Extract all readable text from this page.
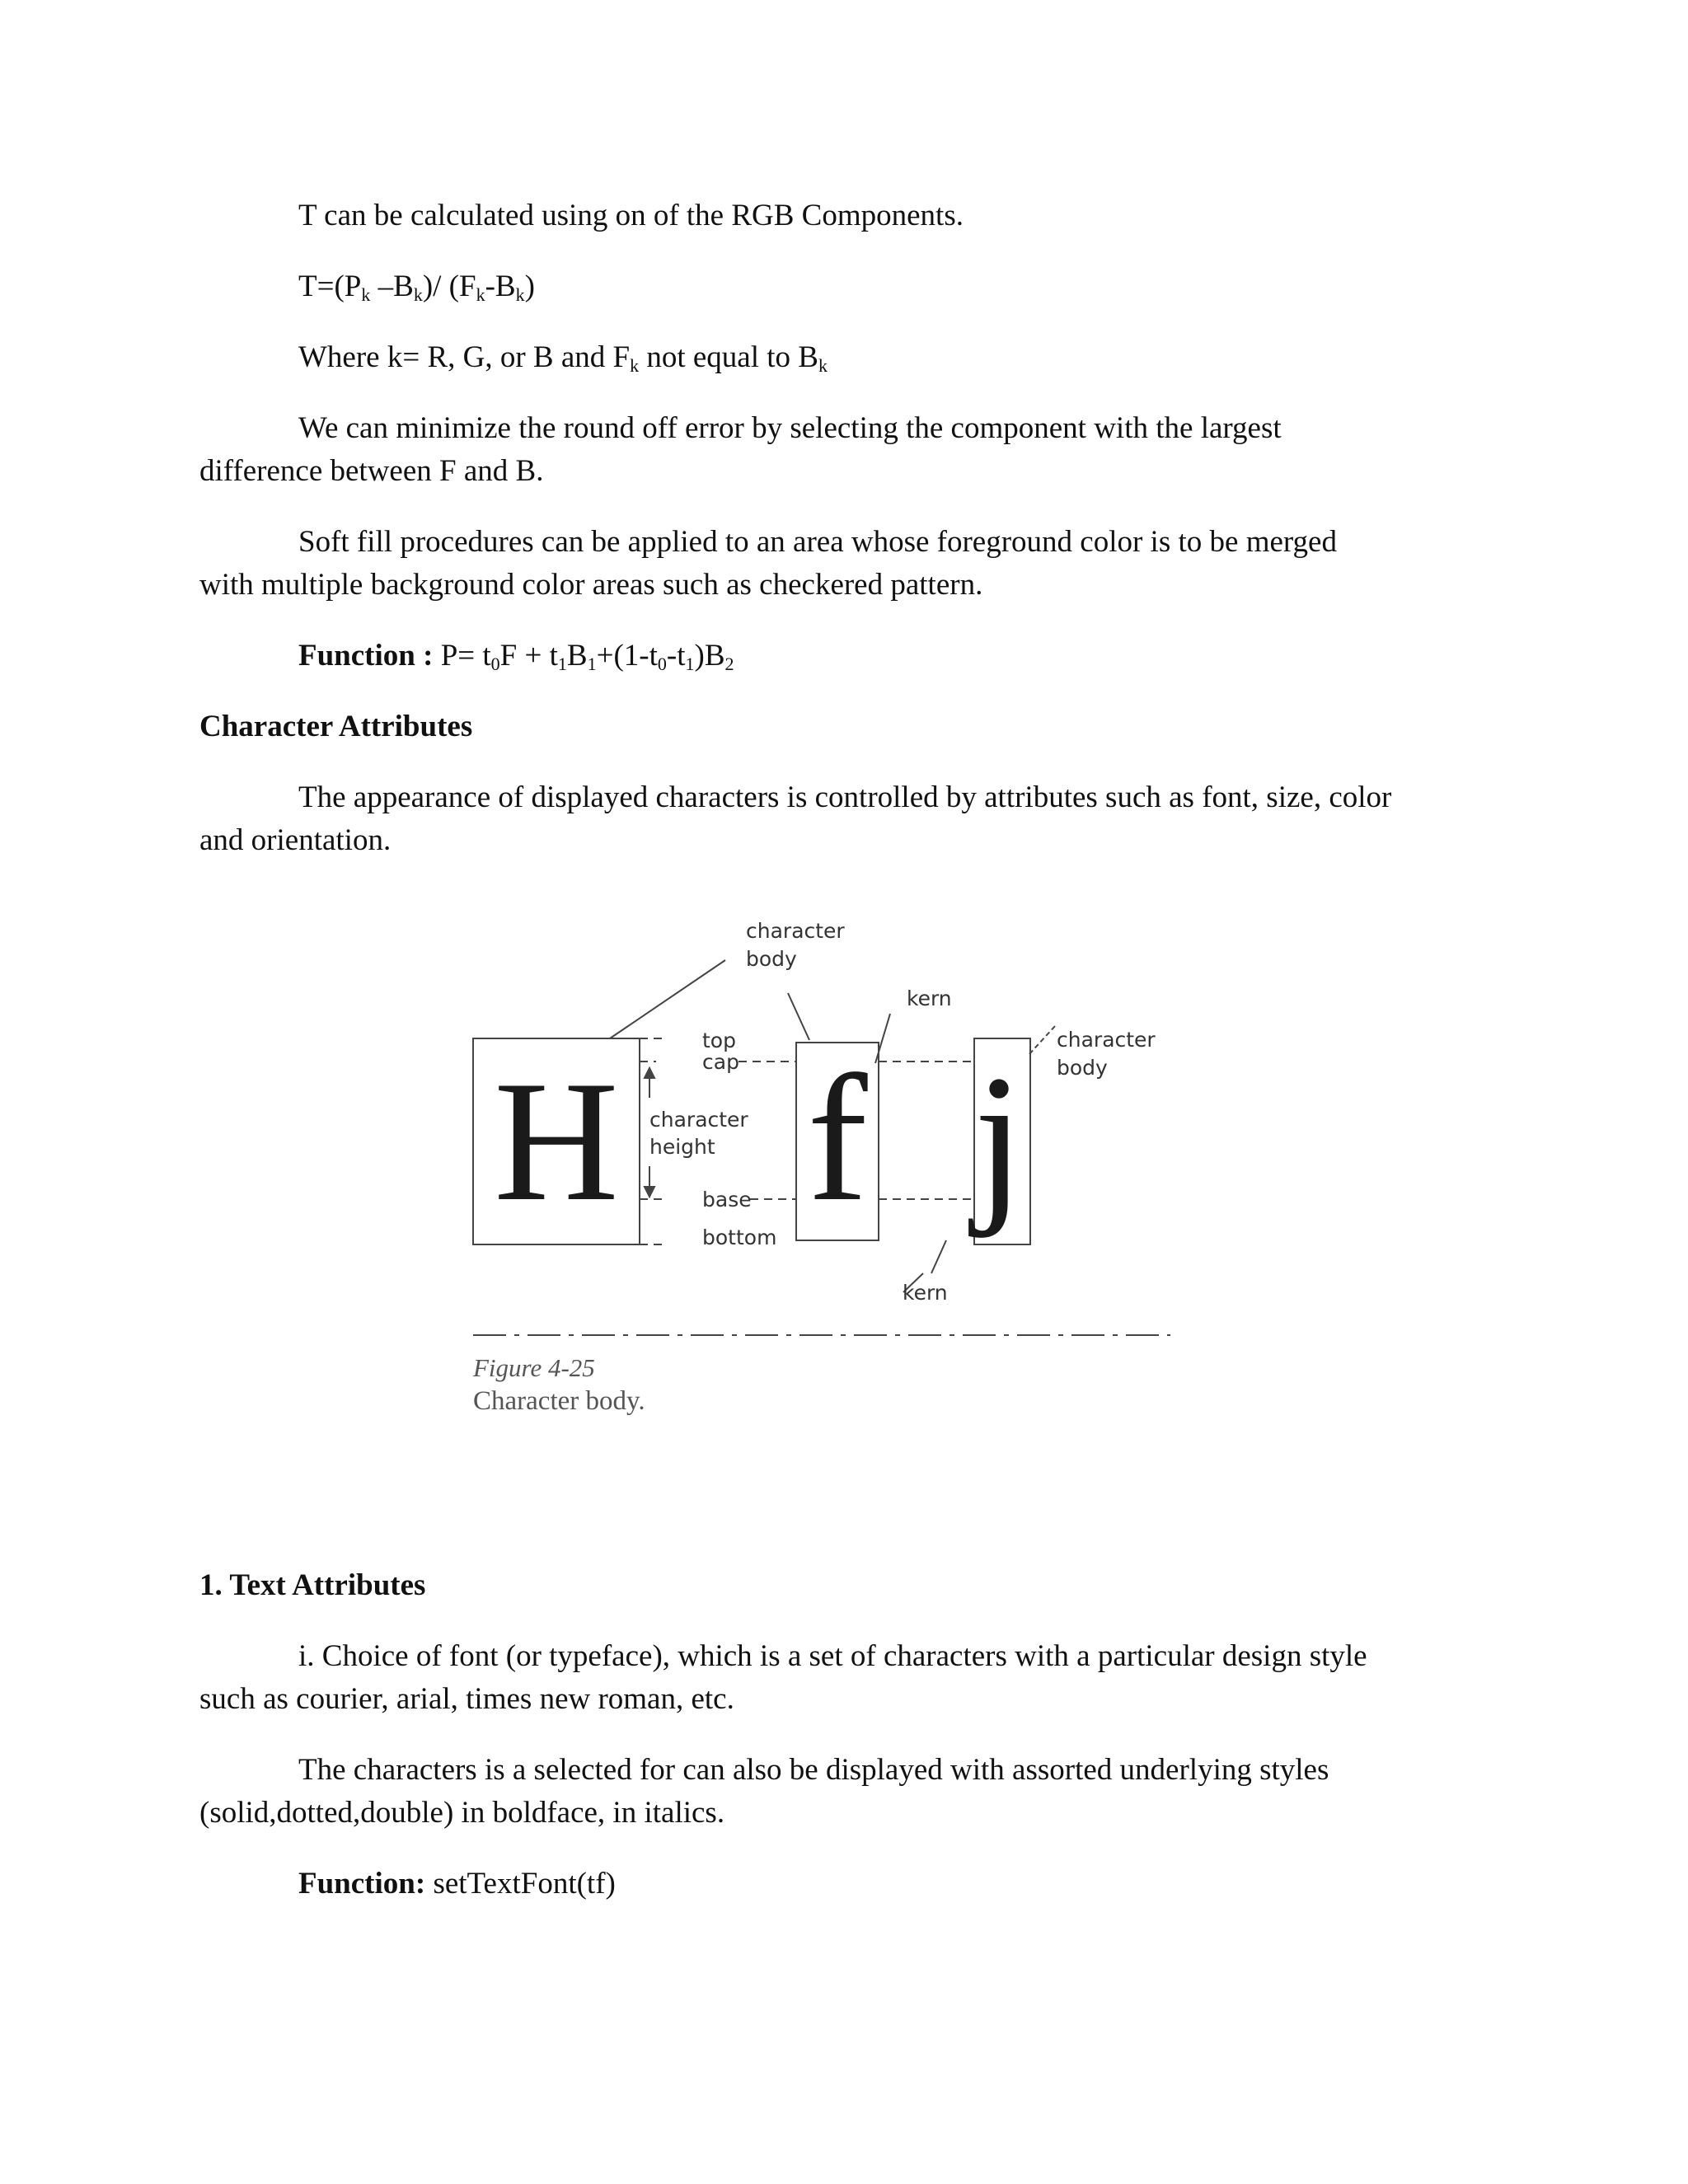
T can be calculated using on of the RGB Components.
$T=(P_k$ $-B_k)/$ $(F_k-B_k)$
Where k= R, G, or B and $F_k$ not equal to $B_k$
We can minimize the round off error by selecting the component with the largest
difference between F and B.
Soft fill procedures can be applied to an area whose foreground color is to be merged
with multiple background color areas such as checkered pattern.
Function : $P= t_0F + t_1B_1+(1-t_0-t_1)B_2$
Character Attributes
The appearance of displayed characters is controlled by attributes such as font, size, color
and orientation.
H f j
character
body
kern
character
body
top
cap
character
height
base
bottom
kern
Figure 4-25
Character body.
1. Text Attributes
i. Choice of font (or typeface), which is a set of characters with a particular design style
such as courier, arial, times new roman, etc.
The characters is a selected for can also be displayed with assorted underlying styles
(solid,dotted,double) in boldface, in italics.
Function: setTextFont(tf)
